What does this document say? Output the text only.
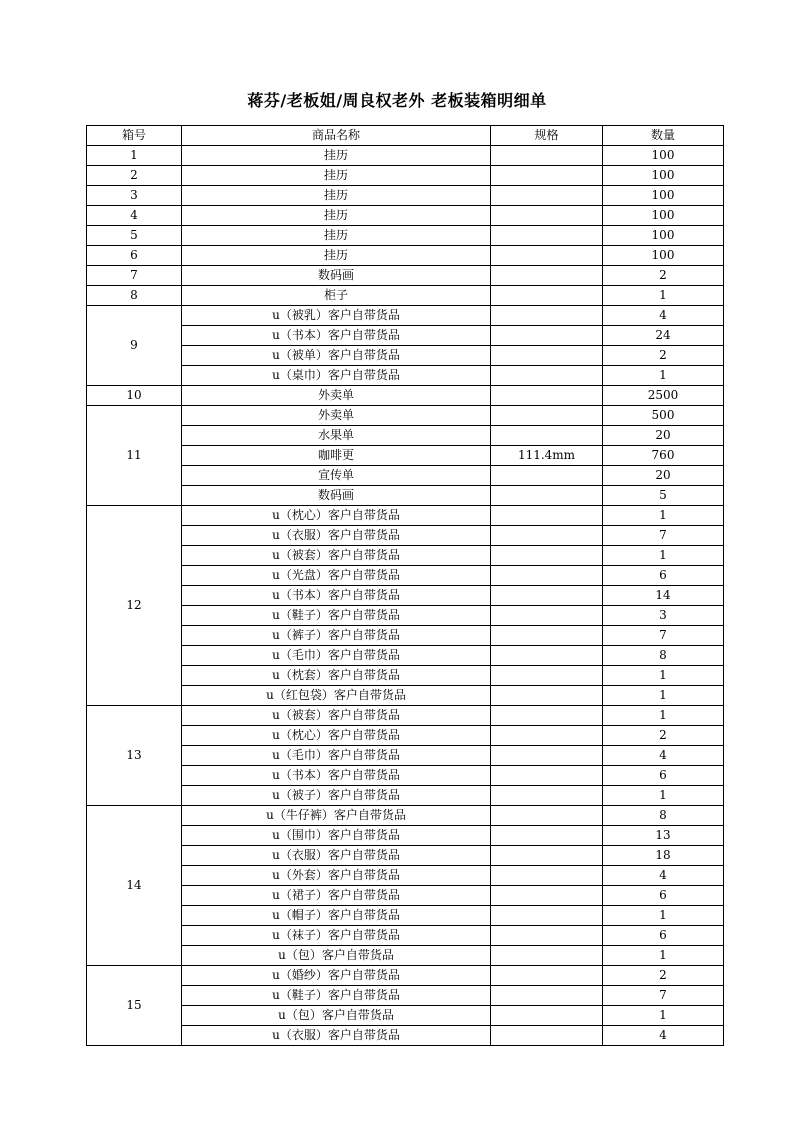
蒋芬/老板姐/周良权老外 老板装箱明细单
箱号	商品名称	规格	数量
1	挂历		100
2	挂历		100
3	挂历		100
4	挂历		100
5	挂历		100
6	挂历		100
7	数码画		2
8	柜子		1
9	u（被乳）客户自带货品		4
	u（书本）客户自带货品		24
	u（被单）客户自带货品		2
	u（桌巾）客户自带货品		1
10	外卖单		2500
11	外卖单		500
	水果单		20
	咖啡更	111.4mm	760
	宣传单		20
	数码画		5
12	u（枕心）客户自带货品		1
	u（衣服）客户自带货品		7
	u（被套）客户自带货品		1
	u（光盘）客户自带货品		6
	u（书本）客户自带货品		14
	u（鞋子）客户自带货品		3
	u（裤子）客户自带货品		7
	u（毛巾）客户自带货品		8
	u（枕套）客户自带货品		1
	u（红包袋）客户自带货品		1
13	u（被套）客户自带货品		1
	u（枕心）客户自带货品		2
	u（毛巾）客户自带货品		4
	u（书本）客户自带货品		6
	u（被子）客户自带货品		1
14	u（牛仔裤）客户自带货品		8
	u（围巾）客户自带货品		13
	u（衣服）客户自带货品		18
	u（外套）客户自带货品		4
	u（裙子）客户自带货品		6
	u（帽子）客户自带货品		1
	u（袜子）客户自带货品		6
	u（包）客户自带货品		1
15	u（婚纱）客户自带货品		2
	u（鞋子）客户自带货品		7
	u（包）客户自带货品		1
	u（衣服）客户自带货品		4
